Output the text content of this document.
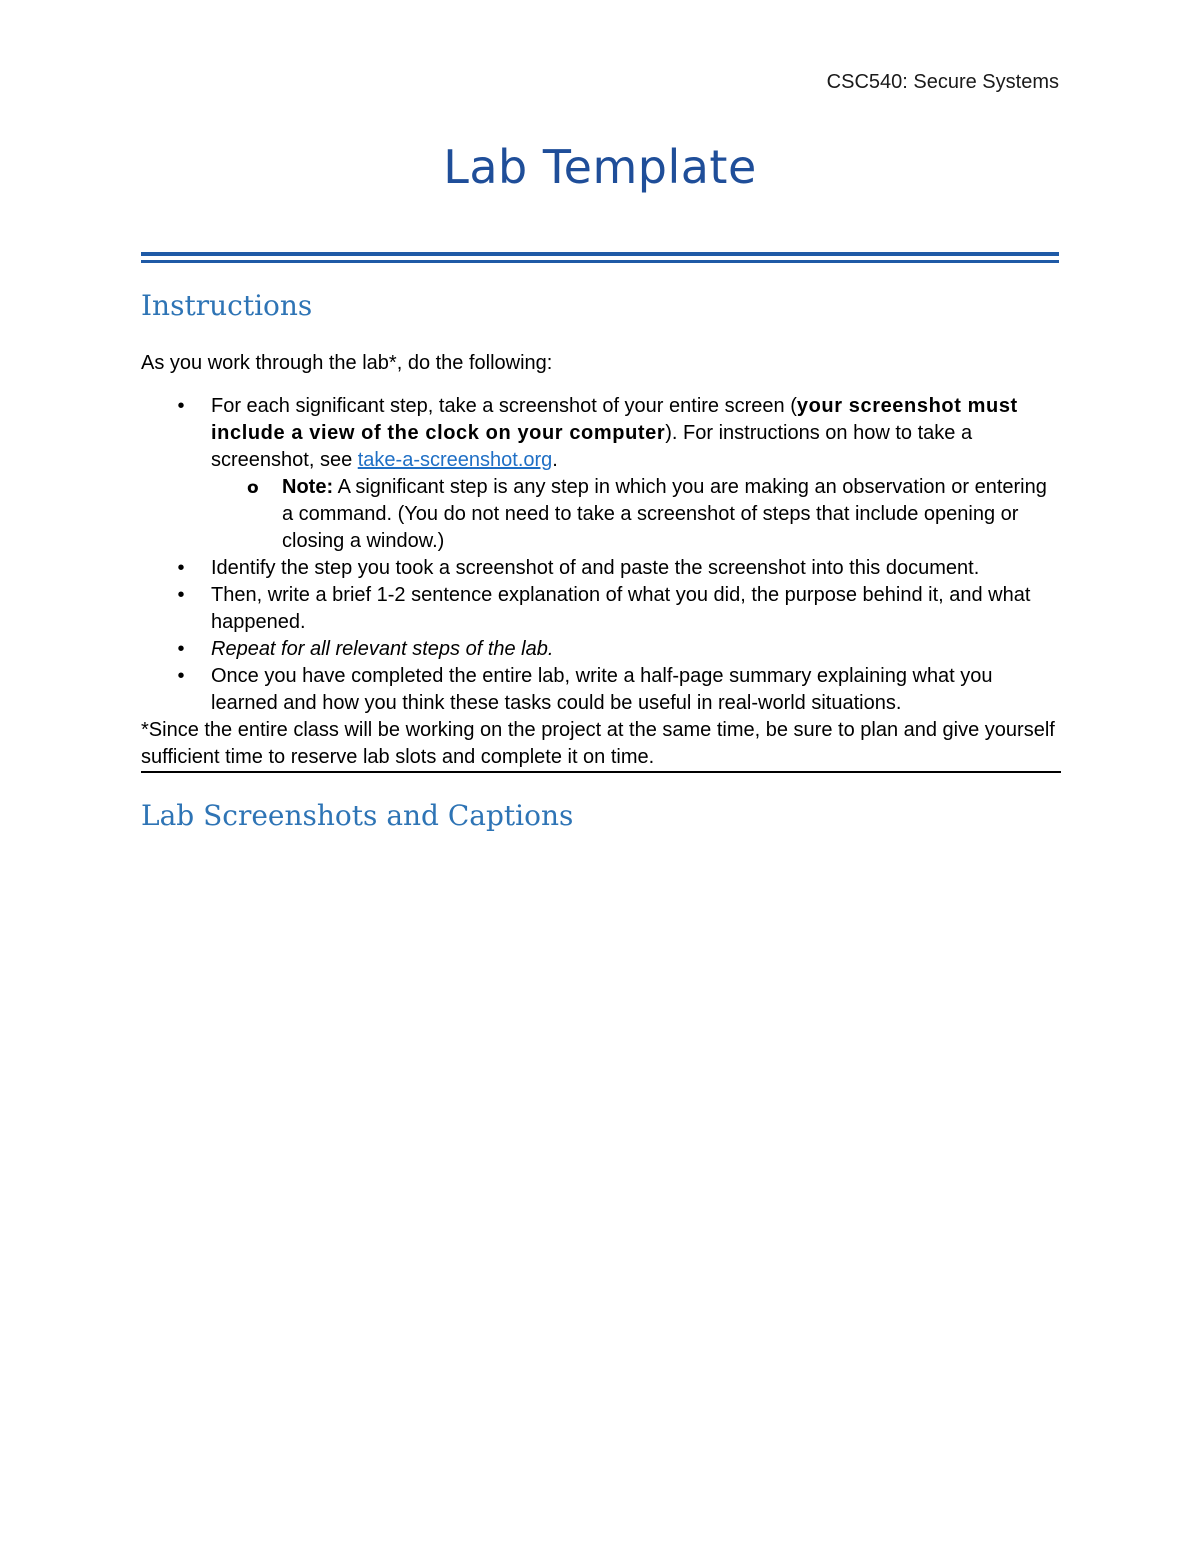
CSC540: Secure Systems
Lab Template
Instructions

As you work through the lab*, do the following:

• For each significant step, take a screenshot of your entire screen (your screenshot must include a view of the clock on your computer). For instructions on how to take a screenshot, see take-a-screenshot.org.
o Note: A significant step is any step in which you are making an observation or entering a command. (You do not need to take a screenshot of steps that include opening or closing a window.)
• Identify the step you took a screenshot of and paste the screenshot into this document.
• Then, write a brief 1-2 sentence explanation of what you did, the purpose behind it, and what happened.
• Repeat for all relevant steps of the lab.
• Once you have completed the entire lab, write a half-page summary explaining what you learned and how you think these tasks could be useful in real-world situations.

*Since the entire class will be working on the project at the same time, be sure to plan and give yourself sufficient time to reserve lab slots and complete it on time.

Lab Screenshots and Captions
